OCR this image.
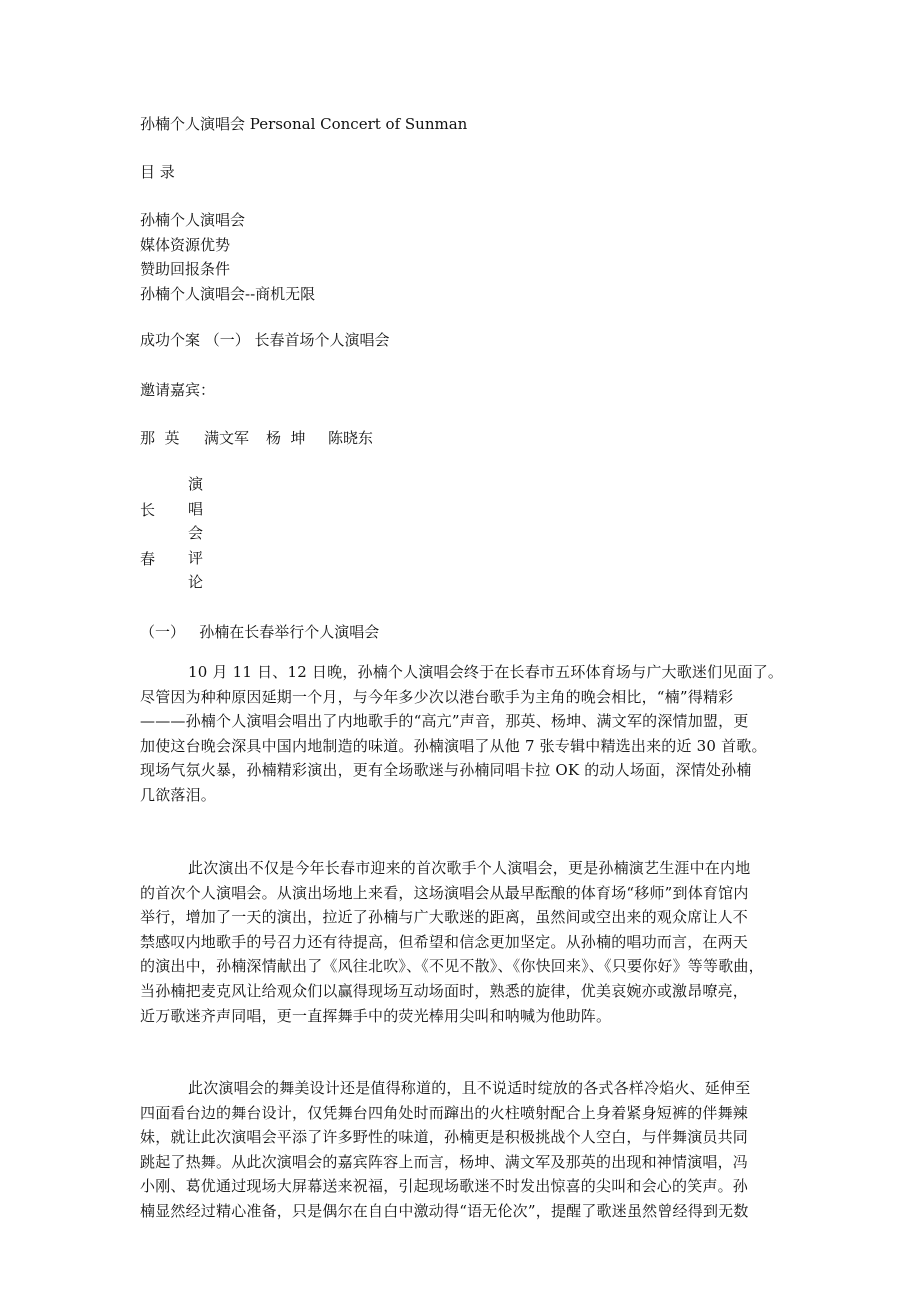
孙楠个人演唱会 Personal Concert of Sunman
目 录
孙楠个人演唱会
媒体资源优势
赞助回报条件
孙楠个人演唱会--商机无限
成功个案 （一） 长春首场个人演唱会
邀请嘉宾：
那  英 满文军 杨  坤 陈晓东
长
春
演
唱
会
评
论
（一）   孙楠在长春举行个人演唱会
10 月 11 日、12 日晚，孙楠个人演唱会终于在长春市五环体育场与广大歌迷们见面了。
尽管因为种种原因延期一个月，与今年多少次以港台歌手为主角的晚会相比，“楠”得精彩
———孙楠个人演唱会唱出了内地歌手的“高亢”声音，那英、杨坤、满文军的深情加盟，更
加使这台晚会深具中国内地制造的味道。孙楠演唱了从他 7 张专辑中精选出来的近 30 首歌。
现场气氛火暴，孙楠精彩演出，更有全场歌迷与孙楠同唱卡拉 OK 的动人场面，深情处孙楠
几欲落泪。
此次演出不仅是今年长春市迎来的首次歌手个人演唱会，更是孙楠演艺生涯中在内地
的首次个人演唱会。从演出场地上来看，这场演唱会从最早酝酿的体育场“移师”到体育馆内
举行，增加了一天的演出，拉近了孙楠与广大歌迷的距离，虽然间或空出来的观众席让人不
禁感叹内地歌手的号召力还有待提高，但希望和信念更加坚定。从孙楠的唱功而言，在两天
的演出中，孙楠深情献出了《风往北吹》、《不见不散》、《你快回来》、《只要你好》等等歌曲，
当孙楠把麦克风让给观众们以赢得现场互动场面时，熟悉的旋律，优美哀婉亦或激昂嘹亮，
近万歌迷齐声同唱，更一直挥舞手中的荧光棒用尖叫和呐喊为他助阵。
此次演唱会的舞美设计还是值得称道的，且不说适时绽放的各式各样冷焰火、延伸至
四面看台边的舞台设计，仅凭舞台四角处时而蹿出的火柱喷射配合上身着紧身短裤的伴舞辣
妹，就让此次演唱会平添了许多野性的味道，孙楠更是积极挑战个人空白，与伴舞演员共同
跳起了热舞。从此次演唱会的嘉宾阵容上而言，杨坤、满文军及那英的出现和神情演唱，冯
小刚、葛优通过现场大屏幕送来祝福，引起现场歌迷不时发出惊喜的尖叫和会心的笑声。孙
楠显然经过精心准备，只是偶尔在自白中激动得“语无伦次”，提醒了歌迷虽然曾经得到无数
